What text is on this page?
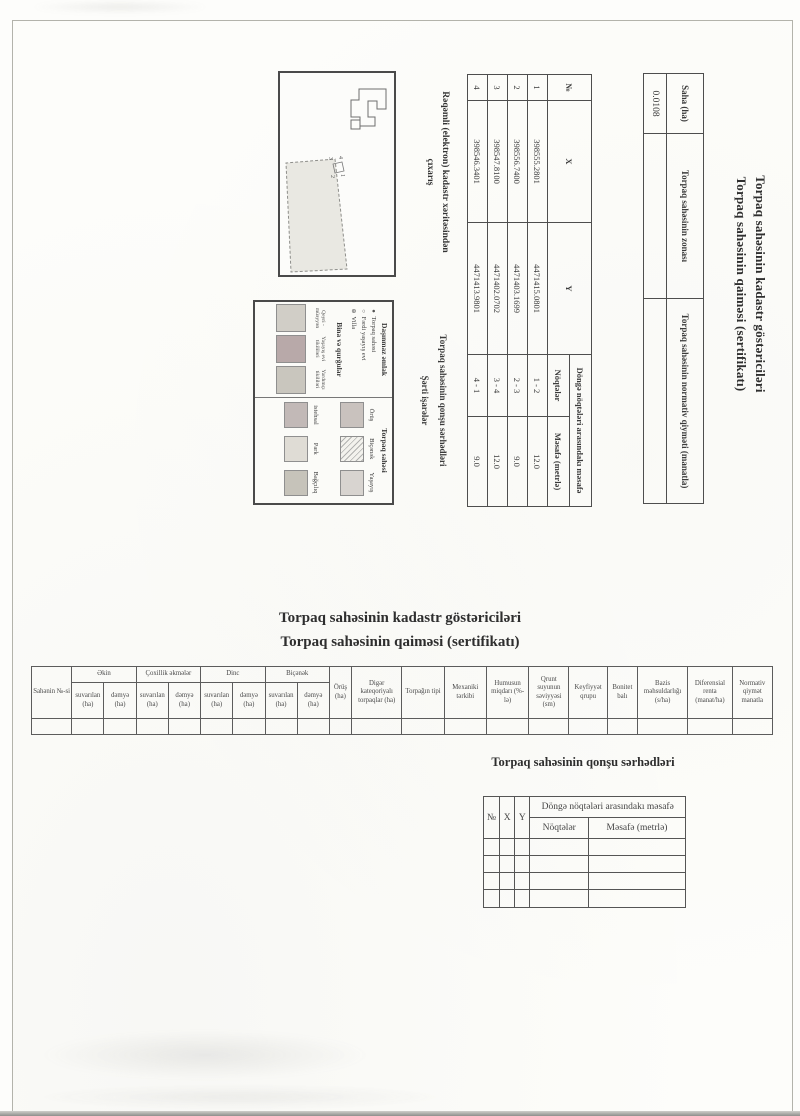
Torpaq sahəsinin kadastr göstəriciləri
Torpaq sahəsinin qaiməsi (sertifikatı)
Saha (ha)	Torpaq sahəsinin zonası	Torpaq sahəsinin normativ qiyməti (manatla)
0.0108		
№	X	Y	Döngə nöqtələri arasındakı məsafə	
			Nöqtələr	Məsafə (metrlə)
1	398555.2801	4471415.0801	1 - 2	12.0
2	398556.7400	4471403.1699	2 - 3	9.0
3	398547.8100	4471402.0702	3 - 4	12.0
4	398546.3401	4471413.9801	4 - 1	9.0
Rəqəmli (elektron) kadastr xəritəsindən
çıxarış
4
1
3
2
Torpaq sahəsinin qonşu sərhədləri
Şərti işarələr
Daşınmaz əmlak
● Torpaq sahəsi
○ Fərdi yaşayış evi
⊕ Villa
Bina və qurğular
Qeyri - müəyyən

Yaşayış evi tikililəri

Yardımçı tikililəri
Torpaq sahəsi
Örüş

Biçənək

Yaşayış
istehsal

Park

Bağçılıq
Torpaq sahəsinin kadastr göstəriciləri
Torpaq sahəsinin qaiməsi (sertifikatı)
Sahənin №-si	Əkin		Çoxillik əkmələr		Dinc		Biçənək		Örüş (ha)	Digər kateqoriyalı torpaqlar (ha)	Torpağın tipi	Mexaniki tərkibi	Humusun miqdarı (%-lə)	Qrunt suyunun səviyyəsi (sm)	Keyfiyyət qrupu	Bonitet balı	Bazis məhsuldarlığı (s/ha)	Diferensial renta (manat/ha)	Normativ qiymət manatla
	suvarılan (ha)	dəmyə (ha)	suvarılan (ha)	dəmyə (ha)	suvarılan (ha)	dəmyə (ha)	suvarılan (ha)	dəmyə (ha)											

Torpaq sahəsinin qonşu sərhədləri
№	X	Y	Döngə nöqtələri arasındakı məsafə	
			Nöqtələr	Məsafə (metrlə)
